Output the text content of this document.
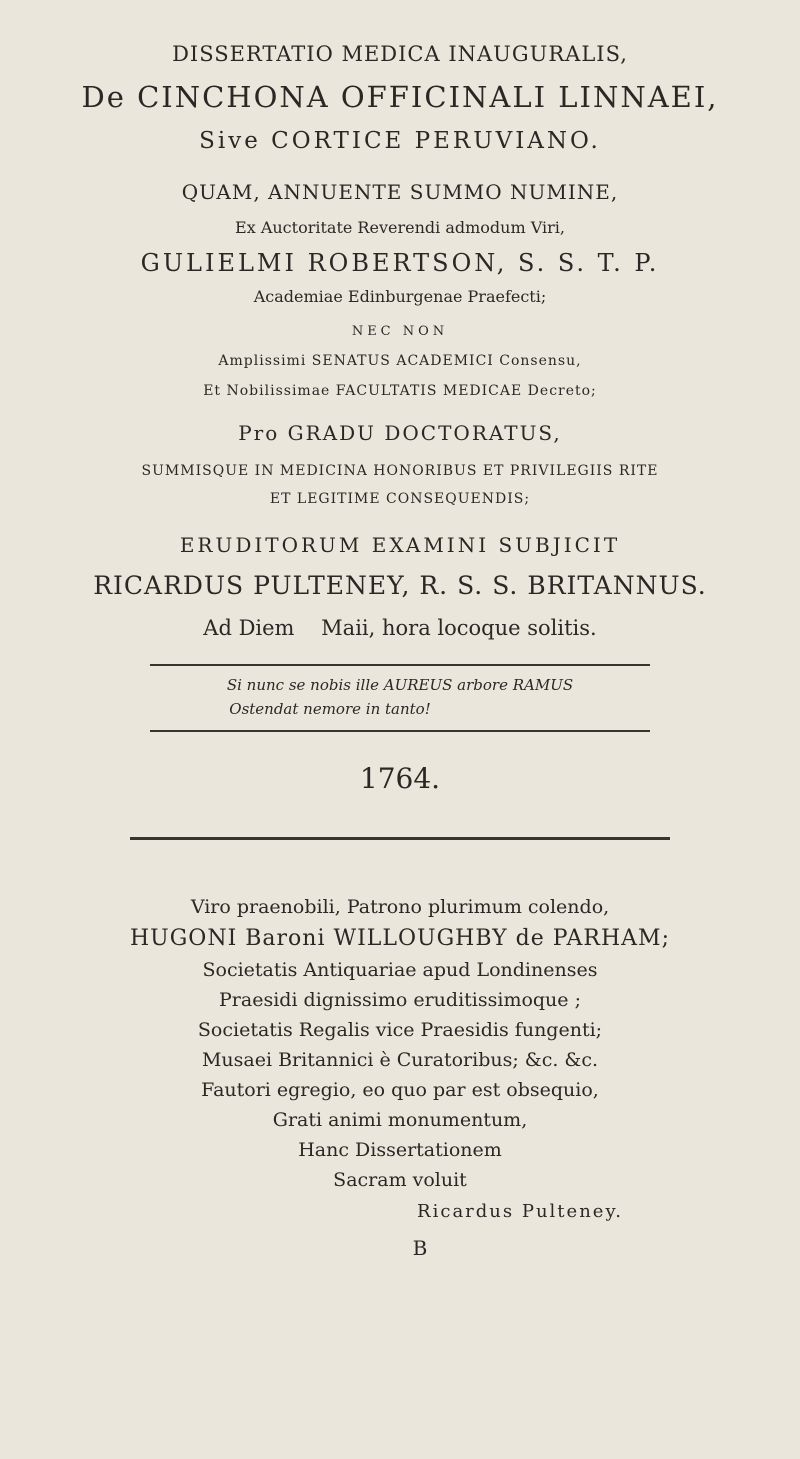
DISSERTATIO MEDICA INAUGURALIS,
De CINCHONA OFFICINALI LINNAEI,
Sive CORTICE PERUVIANO.
QUAM, ANNUENTE SUMMO NUMINE,
Ex Auctoritate Reverendi admodum Viri,
GULIELMI ROBERTSON, S. S. T. P.
Academiae Edinburgenae Praefecti;
NEC NON
Amplissimi SENATUS ACADEMICI Consensu,
Et Nobilissimae FACULTATIS MEDICAE Decreto;
Pro GRADU DOCTORATUS,
SUMMISQUE IN MEDICINA HONORIBUS ET PRIVILEGIIS RITE
ET LEGITIME CONSEQUENDIS;
ERUDITORUM EXAMINI SUBJICIT
RICARDUS PULTENEY, R. S. S. BRITANNUS.
Ad Diem    Maii, hora locoque solitis.
Si nunc se nobis ille AUREUS arbore RAMUS
Ostendat nemore in tanto!
1764.
Viro praenobili, Patrono plurimum colendo,
HUGONI Baroni WILLOUGHBY de PARHAM;
Societatis Antiquariae apud Londinenses
Praesidi dignissimo eruditissimoque ;
Societatis Regalis vice Praesidis fungenti;
Musaei Britannici è Curatoribus; &c. &c.
Fautori egregio, eo quo par est obsequio,
Grati animi monumentum,
Hanc Dissertationem
Sacram voluit
Ricardus Pulteney.
B
